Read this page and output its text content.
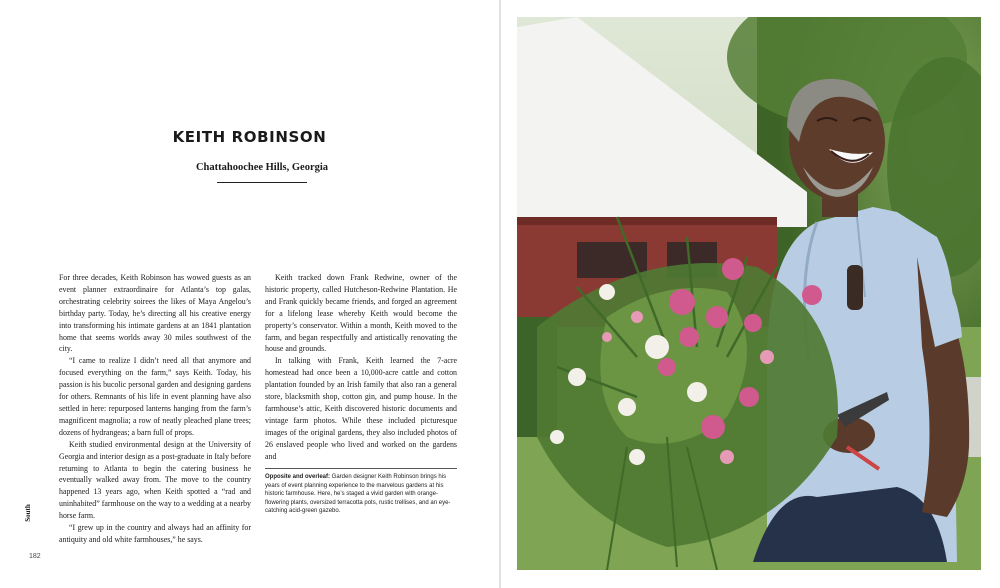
KEITH ROBINSON
Chattahoochee Hills, Georgia

For three decades, Keith Robinson has wowed guests as an event planner extraordinaire for Atlanta’s top galas, orchestrating celebrity soirees the likes of Maya Angelou’s birthday party. Today, he’s directing all his creative energy into transforming his intimate gardens at an 1841 plantation home that seems worlds away 30 miles southwest of the city.

“I came to realize I didn’t need all that anymore and focused everything on the farm,” says Keith. Today, his passion is his bucolic personal garden and designing gardens for others. Remnants of his life in event planning have also settled in here: repurposed lanterns hanging from the farm’s magnificent magnolia; a row of neatly pleached plane trees; dozens of hydrangeas; a barn full of props.

Keith studied environmental design at the University of Georgia and interior design as a post-graduate in Italy before returning to Atlanta to begin the catering business he eventually walked away from. The move to the country happened 13 years ago, when Keith spotted a “rad and uninhabited” farmhouse on the way to a wedding at a nearby horse farm.

“I grew up in the country and always had an affinity for antiquity and old white farmhouses,” he says.

Keith tracked down Frank Redwine, owner of the historic property, called Hutcheson-Redwine Plantation. He and Frank quickly became friends, and forged an agreement for a lifelong lease whereby Keith would become the property’s conservator. Within a month, Keith moved to the farm, and began respectfully and artistically renovating the house and grounds.

In talking with Frank, Keith learned the 7-acre homestead had once been a 10,000-acre cattle and cotton plantation founded by an Irish family that also ran a general store, blacksmith shop, cotton gin, and pump house. In the farmhouse’s attic, Keith discovered historic documents and vintage farm photos. While these included picturesque images of the original gardens, they also included photos of 26 enslaved people who lived and worked on the gardens and

Opposite and overleaf: Garden designer Keith Robinson brings his years of event planning experience to the marvelous gardens at his historic farmhouse. Here, he’s staged a vivid garden with orange-flowering plants, oversized terracotta pots, rustic trellises, and an eye-catching acid-green gazebo.
South
182
